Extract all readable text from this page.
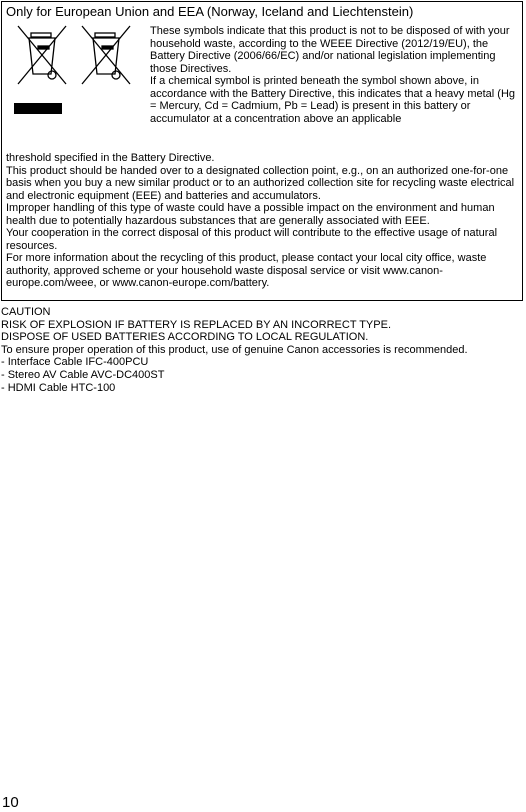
Only for European Union and EEA (Norway, Iceland and Liechtenstein)

These symbols indicate that this product is not to be disposed of with your household waste, according to the WEEE Directive (2012/19/EU), the Battery Directive (2006/66/EC) and/or national legislation implementing those Directives.

If a chemical symbol is printed beneath the symbol shown above, in accordance with the Battery Directive, this indicates that a heavy metal (Hg = Mercury, Cd = Cadmium, Pb = Lead) is present in this battery or accumulator at a concentration above an applicable

threshold specified in the Battery Directive.

This product should be handed over to a designated collection point, e.g., on an authorized one-for-one basis when you buy a new similar product or to an authorized collection site for recycling waste electrical and electronic equipment (EEE) and batteries and accumulators.

Improper handling of this type of waste could have a possible impact on the environment and human health due to potentially hazardous substances that are generally associated with EEE.

Your cooperation in the correct disposal of this product will contribute to the effective usage of natural resources.

For more information about the recycling of this product, please contact your local city office, waste authority, approved scheme or your household waste disposal service or visit www.canon-europe.com/weee, or www.canon-europe.com/battery.

CAUTION
RISK OF EXPLOSION IF BATTERY IS REPLACED BY AN INCORRECT TYPE.
DISPOSE OF USED BATTERIES ACCORDING TO LOCAL REGULATION.
To ensure proper operation of this product, use of genuine Canon accessories is recommended.
- Interface Cable IFC-400PCU
- Stereo AV Cable AVC-DC400ST
- HDMI Cable HTC-100
10
